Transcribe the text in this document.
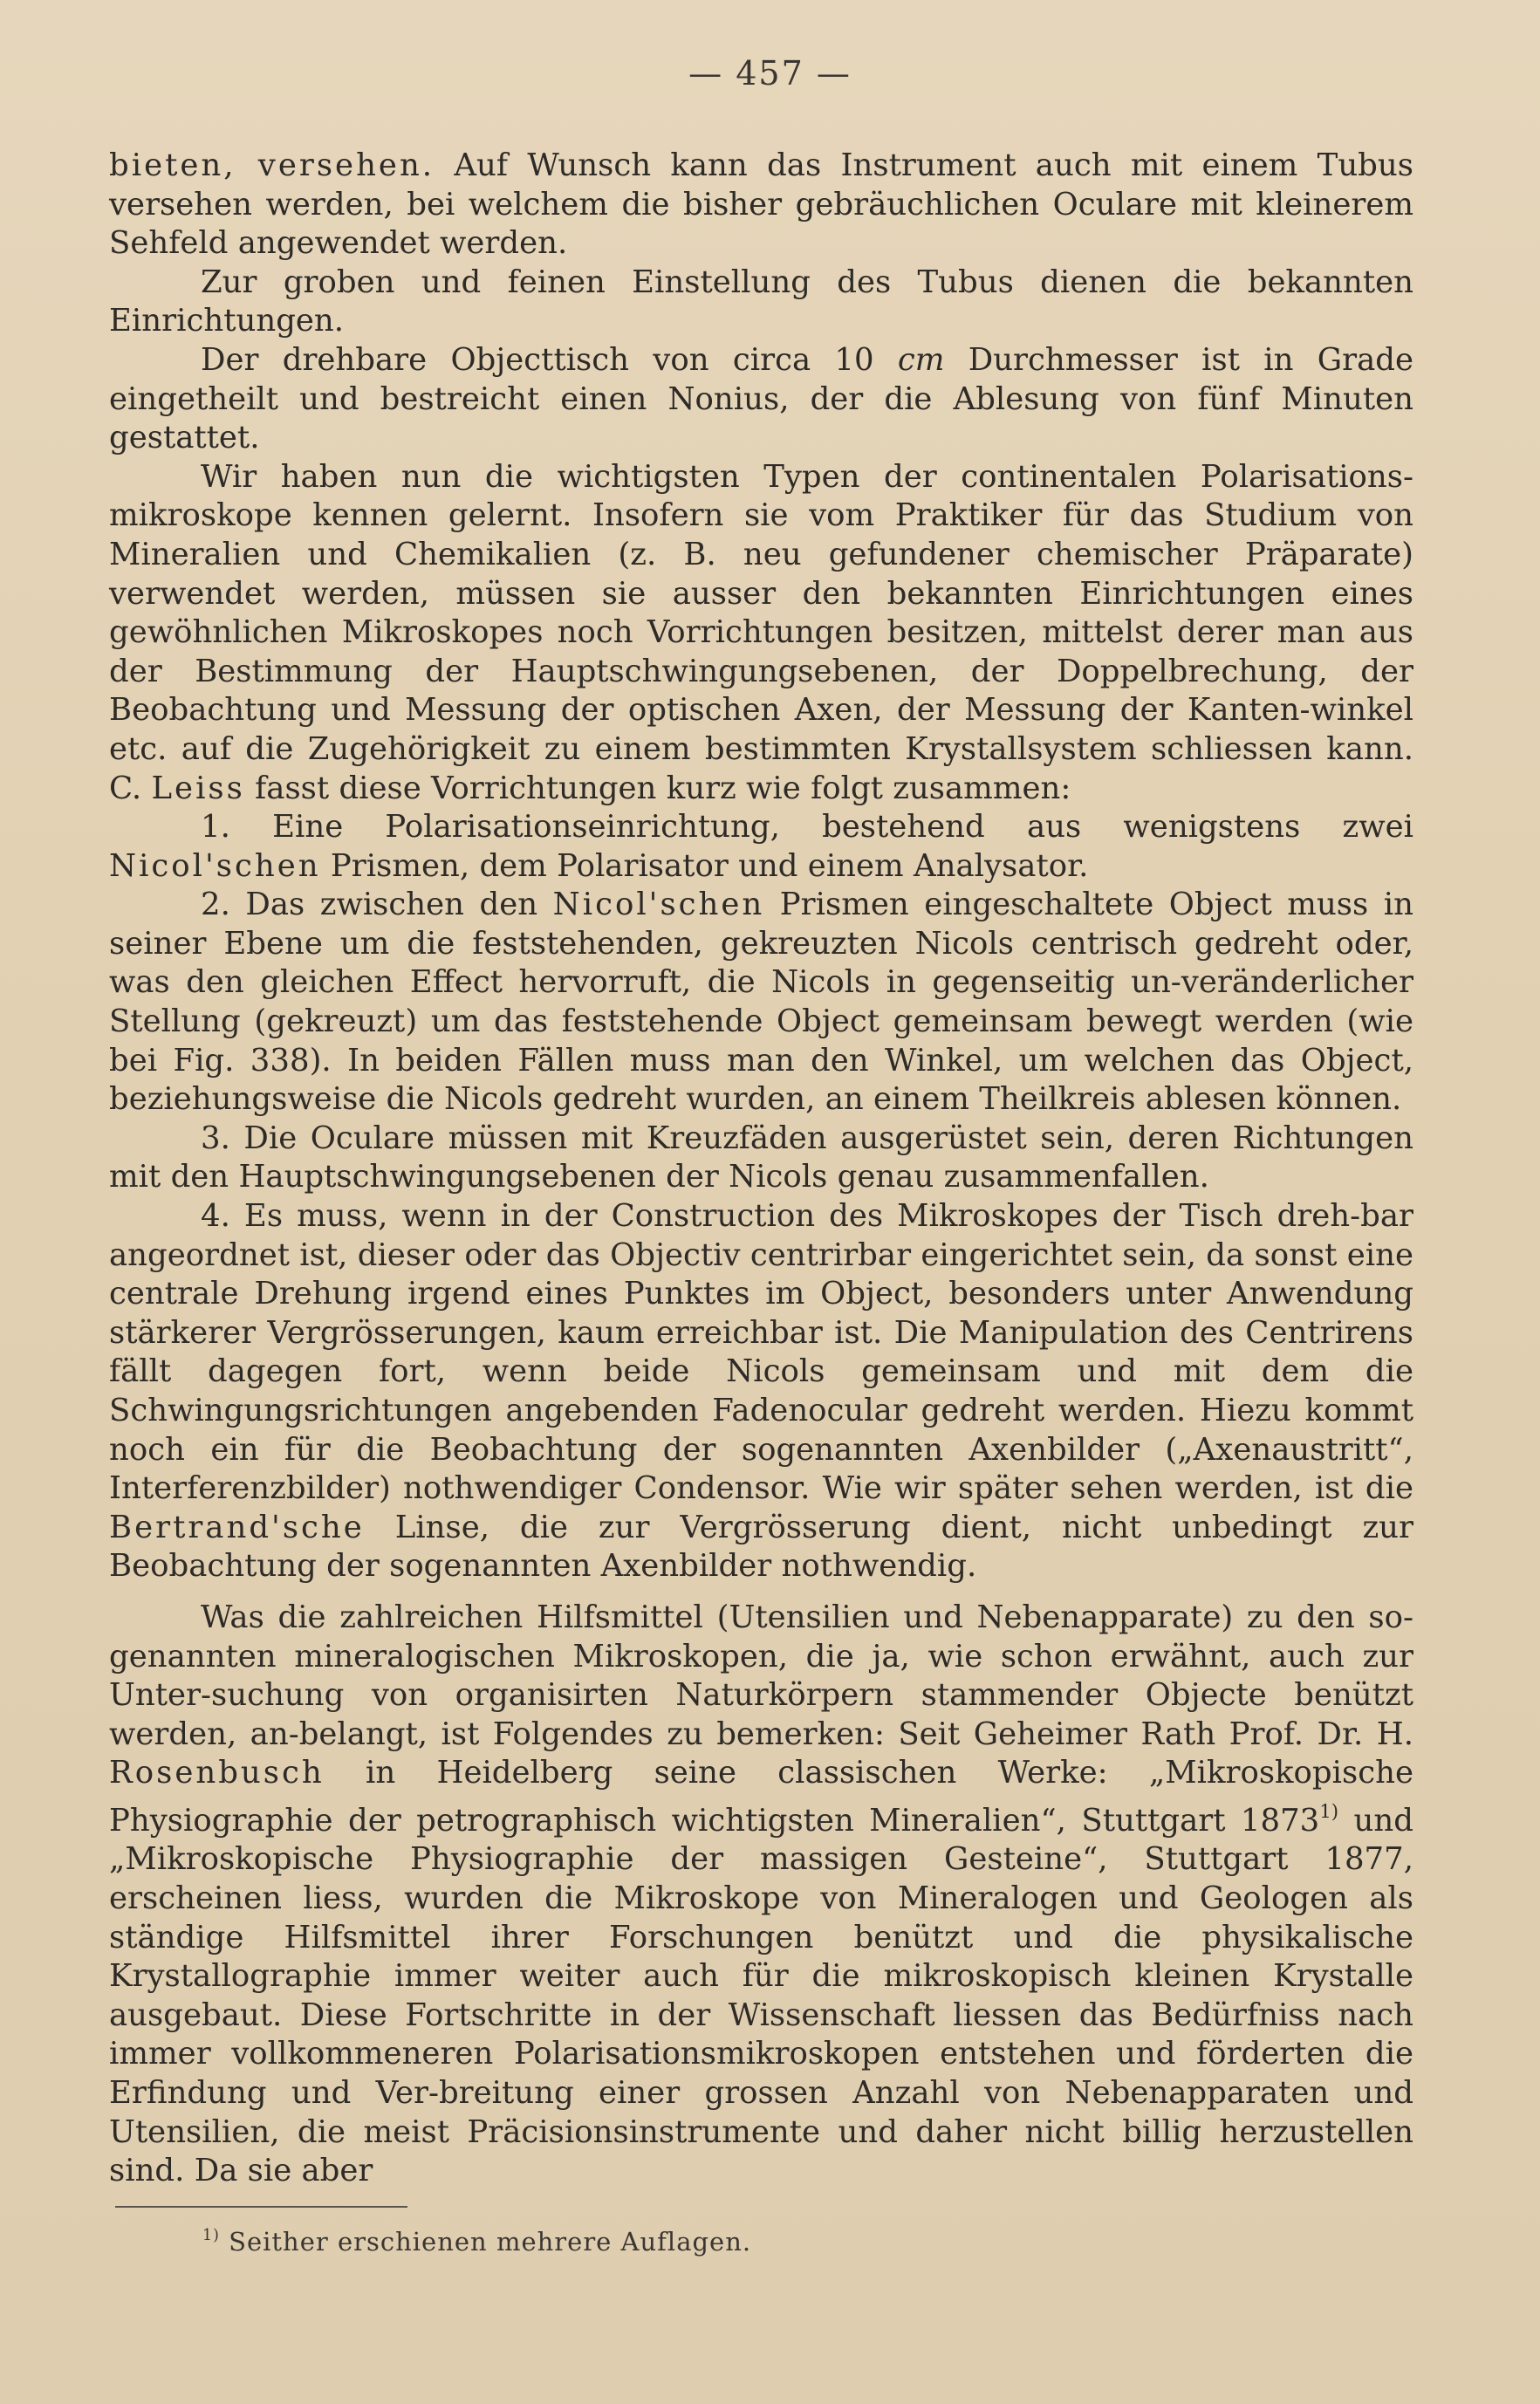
— 457 —

bieten, versehen. Auf Wunsch kann das Instrument auch mit einem Tubus versehen werden, bei welchem die bisher gebräuchlichen Oculare mit kleinerem Sehfeld angewendet werden.

Zur groben und feinen Einstellung des Tubus dienen die bekannten Einrichtungen.

Der drehbare Objecttisch von circa 10 cm Durchmesser ist in Grade eingetheilt und bestreicht einen Nonius, der die Ablesung von fünf Minuten gestattet.

Wir haben nun die wichtigsten Typen der continentalen Polarisations-mikroskope kennen gelernt. Insofern sie vom Praktiker für das Studium von Mineralien und Chemikalien (z. B. neu gefundener chemischer Präparate) verwendet werden, müssen sie ausser den bekannten Einrichtungen eines gewöhnlichen Mikroskopes noch Vorrichtungen besitzen, mittelst derer man aus der Bestimmung der Hauptschwingungsebenen, der Doppelbrechung, der Beobachtung und Messung der optischen Axen, der Messung der Kanten-winkel etc. auf die Zugehörigkeit zu einem bestimmten Krystallsystem schliessen kann. C. Leiss fasst diese Vorrichtungen kurz wie folgt zusammen:

1. Eine Polarisationseinrichtung, bestehend aus wenigstens zwei Nicol'schen Prismen, dem Polarisator und einem Analysator.

2. Das zwischen den Nicol'schen Prismen eingeschaltete Object muss in seiner Ebene um die feststehenden, gekreuzten Nicols centrisch gedreht oder, was den gleichen Effect hervorruft, die Nicols in gegenseitig un-veränderlicher Stellung (gekreuzt) um das feststehende Object gemeinsam bewegt werden (wie bei Fig. 338). In beiden Fällen muss man den Winkel, um welchen das Object, beziehungsweise die Nicols gedreht wurden, an einem Theilkreis ablesen können.

3. Die Oculare müssen mit Kreuzfäden ausgerüstet sein, deren Richtungen mit den Hauptschwingungsebenen der Nicols genau zusammenfallen.

4. Es muss, wenn in der Construction des Mikroskopes der Tisch dreh-bar angeordnet ist, dieser oder das Objectiv centrirbar eingerichtet sein, da sonst eine centrale Drehung irgend eines Punktes im Object, besonders unter Anwendung stärkerer Vergrösserungen, kaum erreichbar ist. Die Manipulation des Centrirens fällt dagegen fort, wenn beide Nicols gemeinsam und mit dem die Schwingungsrichtungen angebenden Fadenocular gedreht werden. Hiezu kommt noch ein für die Beobachtung der sogenannten Axenbilder („Axenaustritt“, Interferenzbilder) nothwendiger Condensor. Wie wir später sehen werden, ist die Bertrand'sche Linse, die zur Vergrösserung dient, nicht unbedingt zur Beobachtung der sogenannten Axenbilder nothwendig.

Was die zahlreichen Hilfsmittel (Utensilien und Nebenapparate) zu den so-genannten mineralogischen Mikroskopen, die ja, wie schon erwähnt, auch zur Unter-suchung von organisirten Naturkörpern stammender Objecte benützt werden, an-belangt, ist Folgendes zu bemerken: Seit Geheimer Rath Prof. Dr. H. Rosenbusch in Heidelberg seine classischen Werke: „Mikroskopische Physiographie der petrographisch wichtigsten Mineralien“, Stuttgart 1873$^{1)}$ und „Mikroskopische Physiographie der massigen Gesteine“, Stuttgart 1877, erscheinen liess, wurden die Mikroskope von Mineralogen und Geologen als ständige Hilfsmittel ihrer Forschungen benützt und die physikalische Krystallographie immer weiter auch für die mikroskopisch kleinen Krystalle ausgebaut. Diese Fortschritte in der Wissenschaft liessen das Bedürfniss nach immer vollkommeneren Polarisationsmikroskopen entstehen und förderten die Erfindung und Ver-breitung einer grossen Anzahl von Nebenapparaten und Utensilien, die meist Präcisionsinstrumente und daher nicht billig herzustellen sind. Da sie aber

$^{1)}$ Seither erschienen mehrere Auflagen.
